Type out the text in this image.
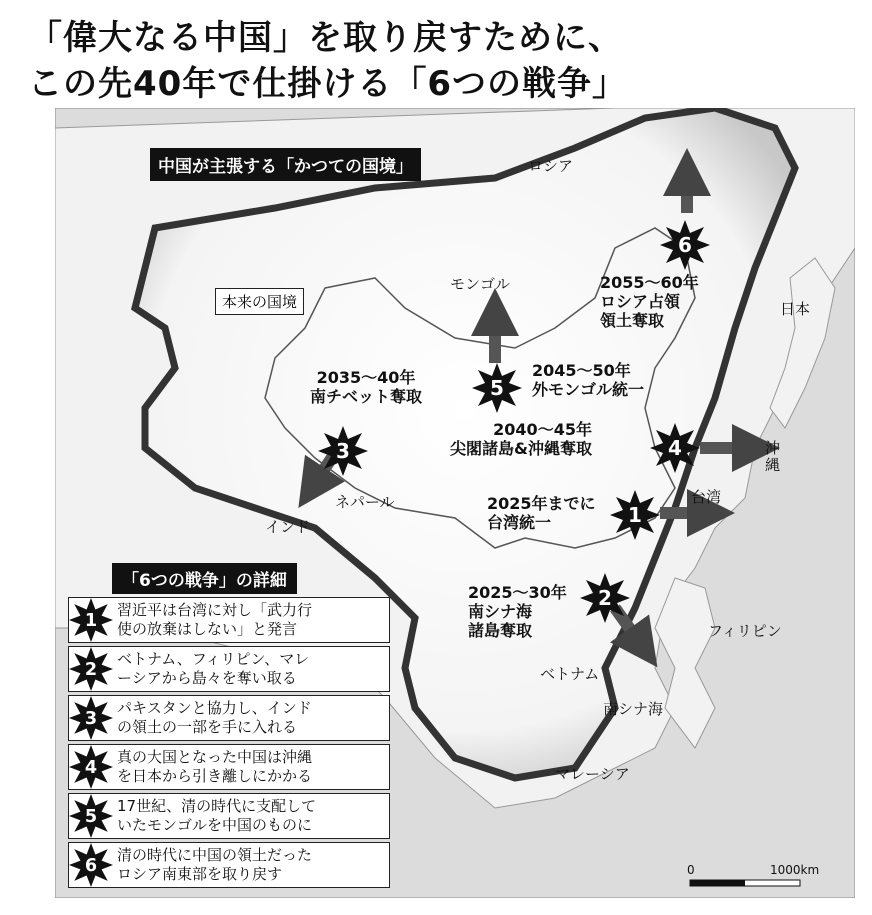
「偉大なる中国」を取り戻すために、
この先40年で仕掛ける「6つの戦争」
中国が主張する「かつての国境」
本来の国境
ロシア
モンゴル
日本
沖縄
台湾
フィリピン
ベトナム
南シナ海
マレーシア
インド
ネパール
6
2055～60年
ロシア占領
領土奪取
5
2045～50年
外モンゴル統一
3
2035～40年
南チベット奪取
4
2040～45年
尖閣諸島&沖縄奪取
1
2025年までに
台湾統一
2
2025～30年
南シナ海
諸島奪取
0	1000km
「6つの戦争」の詳細
1
習近平は台湾に対し「武力行
使の放棄はしない」と発言
2
ベトナム、フィリピン、マレ
ーシアから島々を奪い取る
3
パキスタンと協力し、インド
の領土の一部を手に入れる
4
真の大国となった中国は沖縄
を日本から引き離しにかかる
5
17世紀、清の時代に支配して
いたモンゴルを中国のものに
6
清の時代に中国の領土だった
ロシア南東部を取り戻す
